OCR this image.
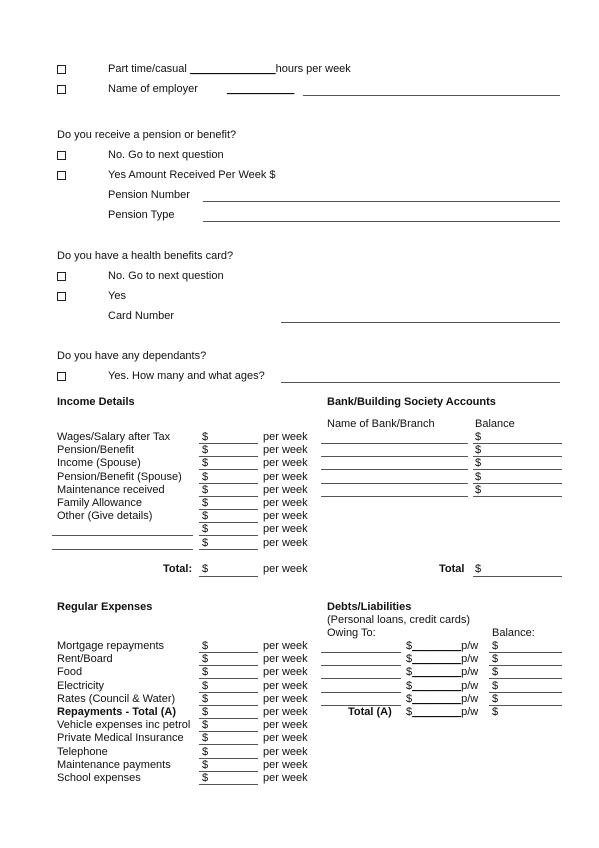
Part time/casual ______________hours per week
Name of employer	___________
Do you receive a pension or benefit?
No. Go to next question
Yes Amount Received Per Week $
Pension Number
Pension Type
Do you have a health benefits card?
No. Go to next question
Yes
Card Number
Do you have any dependants?
Yes. How many and what ages?
Income Details
Wages/Salary after Tax	$	per week
Pension/Benefit	$	per week
Income (Spouse)	$	per week
Pension/Benefit (Spouse) $	per week
Maintenance received	$	per week
Family Allowance	$	per week
Other (Give details)	$	per week
$	per week
$	per week
Total: $	per week
Bank/Building Society Accounts
Name of Bank/Branch	Balance
$
$
$
$
$
Total $
Regular Expenses
Mortgage repayments	$	per week
Rent/Board	$	per week
Food	$	per week
Electricity	$	per week
Rates (Council & Water) $	per week
Repayments - Total (A) $	per week
Vehicle expenses inc petrol $	per week
Private Medical Insurance $	per week
Telephone	$	per week
Maintenance payments	$	per week
School expenses	$	per week
Debts/Liabilities
(Personal loans, credit cards)
Owing To:	Balance:
$________p/w $
$________p/w $
$________p/w $
$________p/w $
$________p/w $
Total (A) $________p/w $
